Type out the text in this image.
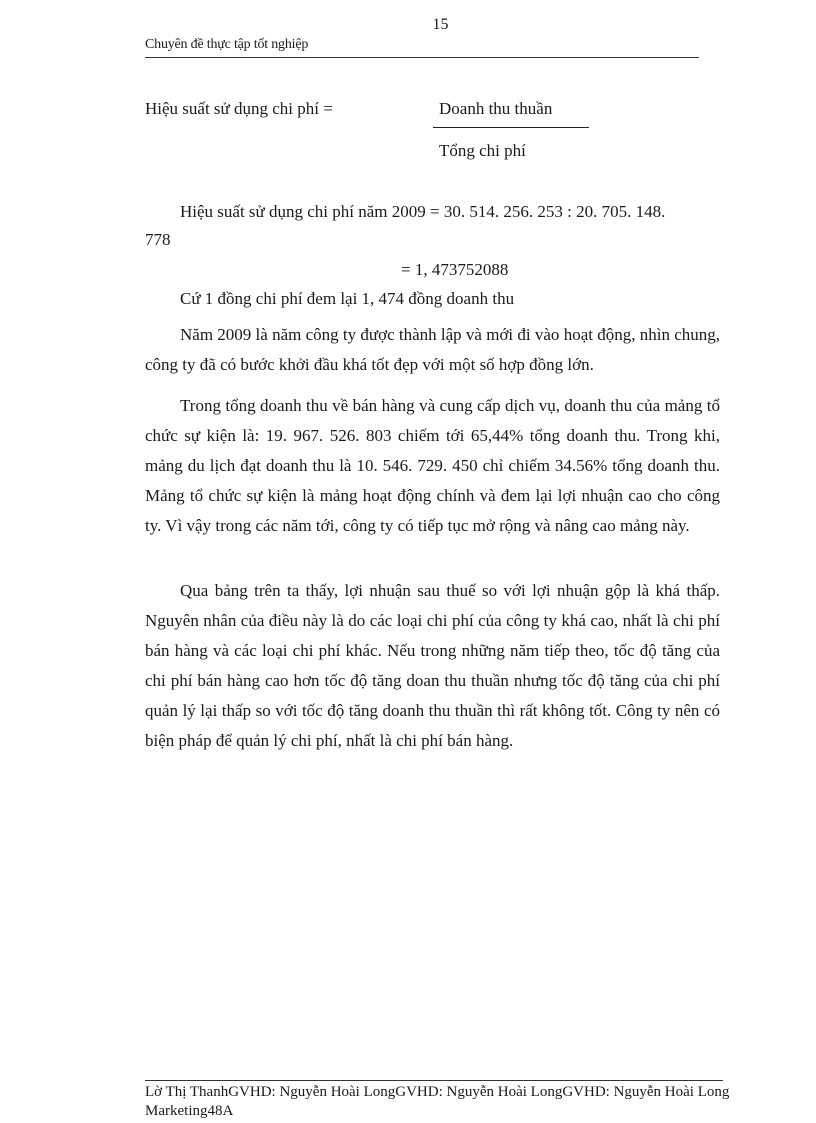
15
Chuyên đề thực tập tốt nghiệp
Hiệu suất sử dụng chi phí =	Doanh thu thuần
Tổng chi phí
Hiệu suất sử dụng chi phí năm 2009 = 30. 514. 256. 253 : 20. 705. 148.
778
= 1, 473752088
Cứ 1 đồng chi phí đem lại 1, 474 đồng doanh thu
Năm 2009 là năm công ty được thành lập và mới đi vào hoạt động, nhìn chung, công ty đã có bước khởi đầu khá tốt đẹp với một số hợp đồng lớn.
Trong tổng doanh thu về bán hàng và cung cấp dịch vụ, doanh thu của mảng tổ chức sự kiện là: 19. 967. 526. 803 chiếm tới 65,44% tổng doanh thu. Trong khi, mảng du lịch đạt doanh thu là 10. 546. 729. 450 chỉ chiếm 34.56% tổng doanh thu. Mảng tổ chức sự kiện là mảng hoạt động chính và đem lại lợi nhuận cao cho công ty. Vì vậy trong các năm tới, công ty có tiếp tục mở rộng và nâng cao mảng này.
Qua bảng trên ta thấy, lợi nhuận sau thuế so với lợi nhuận gộp là khá thấp. Nguyên nhân của điều này là do các loại chi phí của công ty khá cao, nhất là chi phí bán hàng và các loại chi phí khác. Nếu trong những năm tiếp theo, tốc độ tăng của chi phí bán hàng cao hơn tốc độ tăng doan thu thuần nhưng tốc độ tăng của chi phí quản lý lại thấp so với tốc độ tăng doanh thu thuần thì rất không tốt. Công ty nên có biện pháp để quản lý chi phí, nhất là chi phí bán hàng.
Lờ Thị ThanhGVHD: Nguyễn Hoài LongGVHD: Nguyễn Hoài LongGVHD: Nguyễn Hoài Long
Marketing48A
